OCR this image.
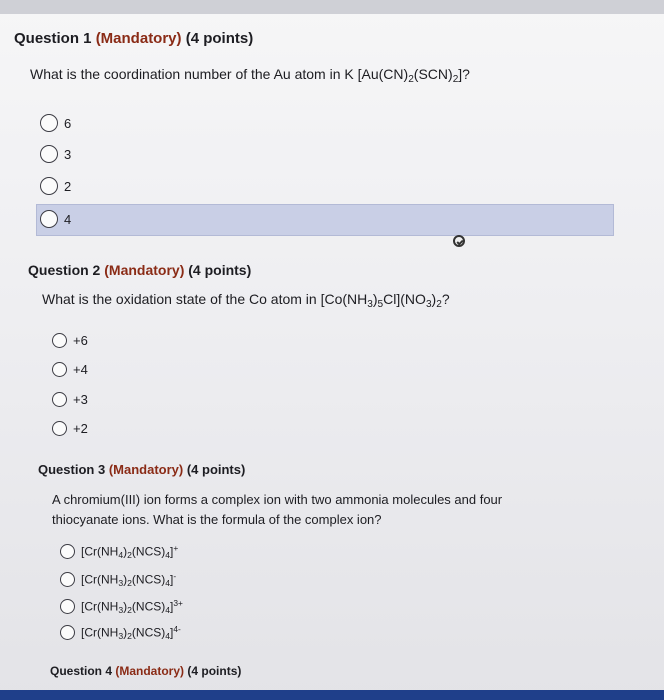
Question 1 (Mandatory) (4 points)
What is the coordination number of the Au atom in K $[Au(CN)_2(SCN)_2]$?
6
3
2
4
Question 2 (Mandatory) (4 points)
What is the oxidation state of the Co atom in $[Co(NH_3)_5Cl](NO_3)_2$?
+6
+4
+3
+2
Question 3 (Mandatory) (4 points)
A chromium(III) ion forms a complex ion with two ammonia molecules and four thiocyanate ions. What is the formula of the complex ion?
$[Cr(NH_4)_2(NCS)_4]^+$
$[Cr(NH_3)_2(NCS)_4]^-$
$[Cr(NH_3)_2(NCS)_4]^{3+}$
$[Cr(NH_3)_2(NCS)_4]^{4-}$
Question 4 (Mandatory) (4 points)
